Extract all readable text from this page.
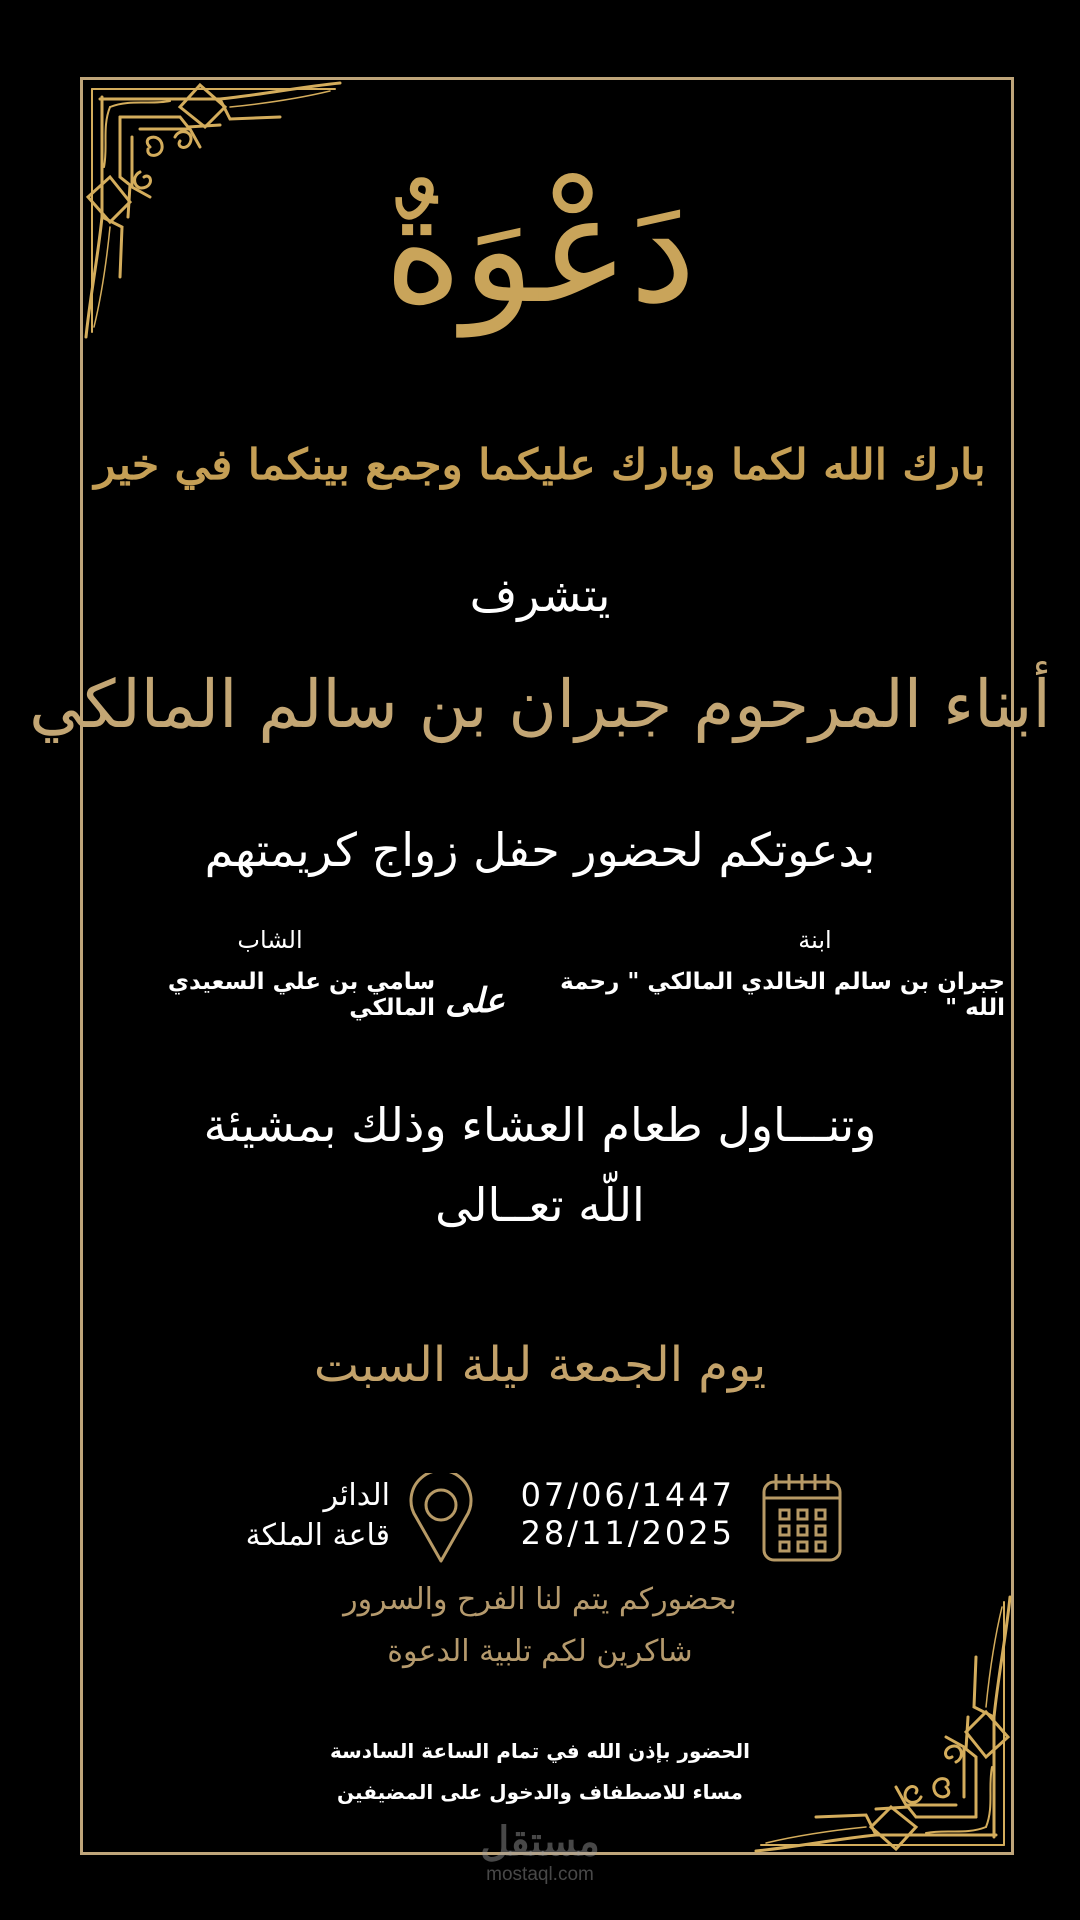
دَعْوَةٌ
بارك الله لكما وبارك عليكما وجمع بينكما في خير
يتشرف
أبناء المرحوم جبران بن سالم المالكي
بدعوتكم لحضور حفل زواج كريمتهم
ابنة
الشاب
جبران بن سالم الخالدي المالكي " رحمة الله "
على
سامي بن علي السعيدي المالكي
وتنـــاول طعام العشاء وذلك بمشيئة
اللّه تعــالى
يوم الجمعة ليلة السبت
07/06/1447
28/11/2025
الدائر
قاعة الملكة
بحضوركم يتم لنا الفرح والسرور
شاكرين لكم تلبية الدعوة
الحضور بإذن الله في تمام الساعة السادسة
مساء للاصطفاف والدخول على المضيفين
مستقل
mostaql.com
